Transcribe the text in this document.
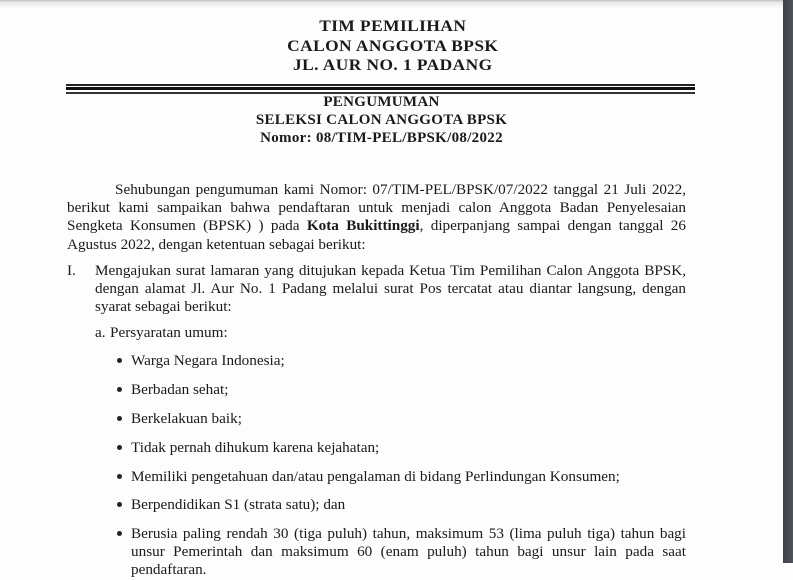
TIM PEMILIHAN
CALON ANGGOTA BPSK
JL. AUR NO. 1 PADANG
PENGUMUMAN
SELEKSI CALON ANGGOTA BPSK
Nomor: 08/TIM-PEL/BPSK/08/2022
Sehubungan pengumuman kami Nomor: 07/TIM-PEL/BPSK/07/2022 tanggal 21 Juli 2022, berikut kami sampaikan bahwa pendaftaran untuk menjadi calon Anggota Badan Penyelesaian Sengketa Konsumen (BPSK) ) pada Kota Bukittinggi, diperpanjang sampai dengan tanggal 26 Agustus 2022, dengan ketentuan sebagai berikut:
I. Mengajukan surat lamaran yang ditujukan kepada Ketua Tim Pemilihan Calon Anggota BPSK, dengan alamat Jl. Aur No. 1 Padang melalui surat Pos tercatat atau diantar langsung, dengan syarat sebagai berikut:
a. Persyaratan umum:
Warga Negara Indonesia;
Berbadan sehat;
Berkelakuan baik;
Tidak pernah dihukum karena kejahatan;
Memiliki pengetahuan dan/atau pengalaman di bidang Perlindungan Konsumen;
Berpendidikan S1 (strata satu); dan
Berusia paling rendah 30 (tiga puluh) tahun, maksimum 53 (lima puluh tiga) tahun bagi unsur Pemerintah dan maksimum 60 (enam puluh) tahun bagi unsur lain pada saat pendaftaran.
